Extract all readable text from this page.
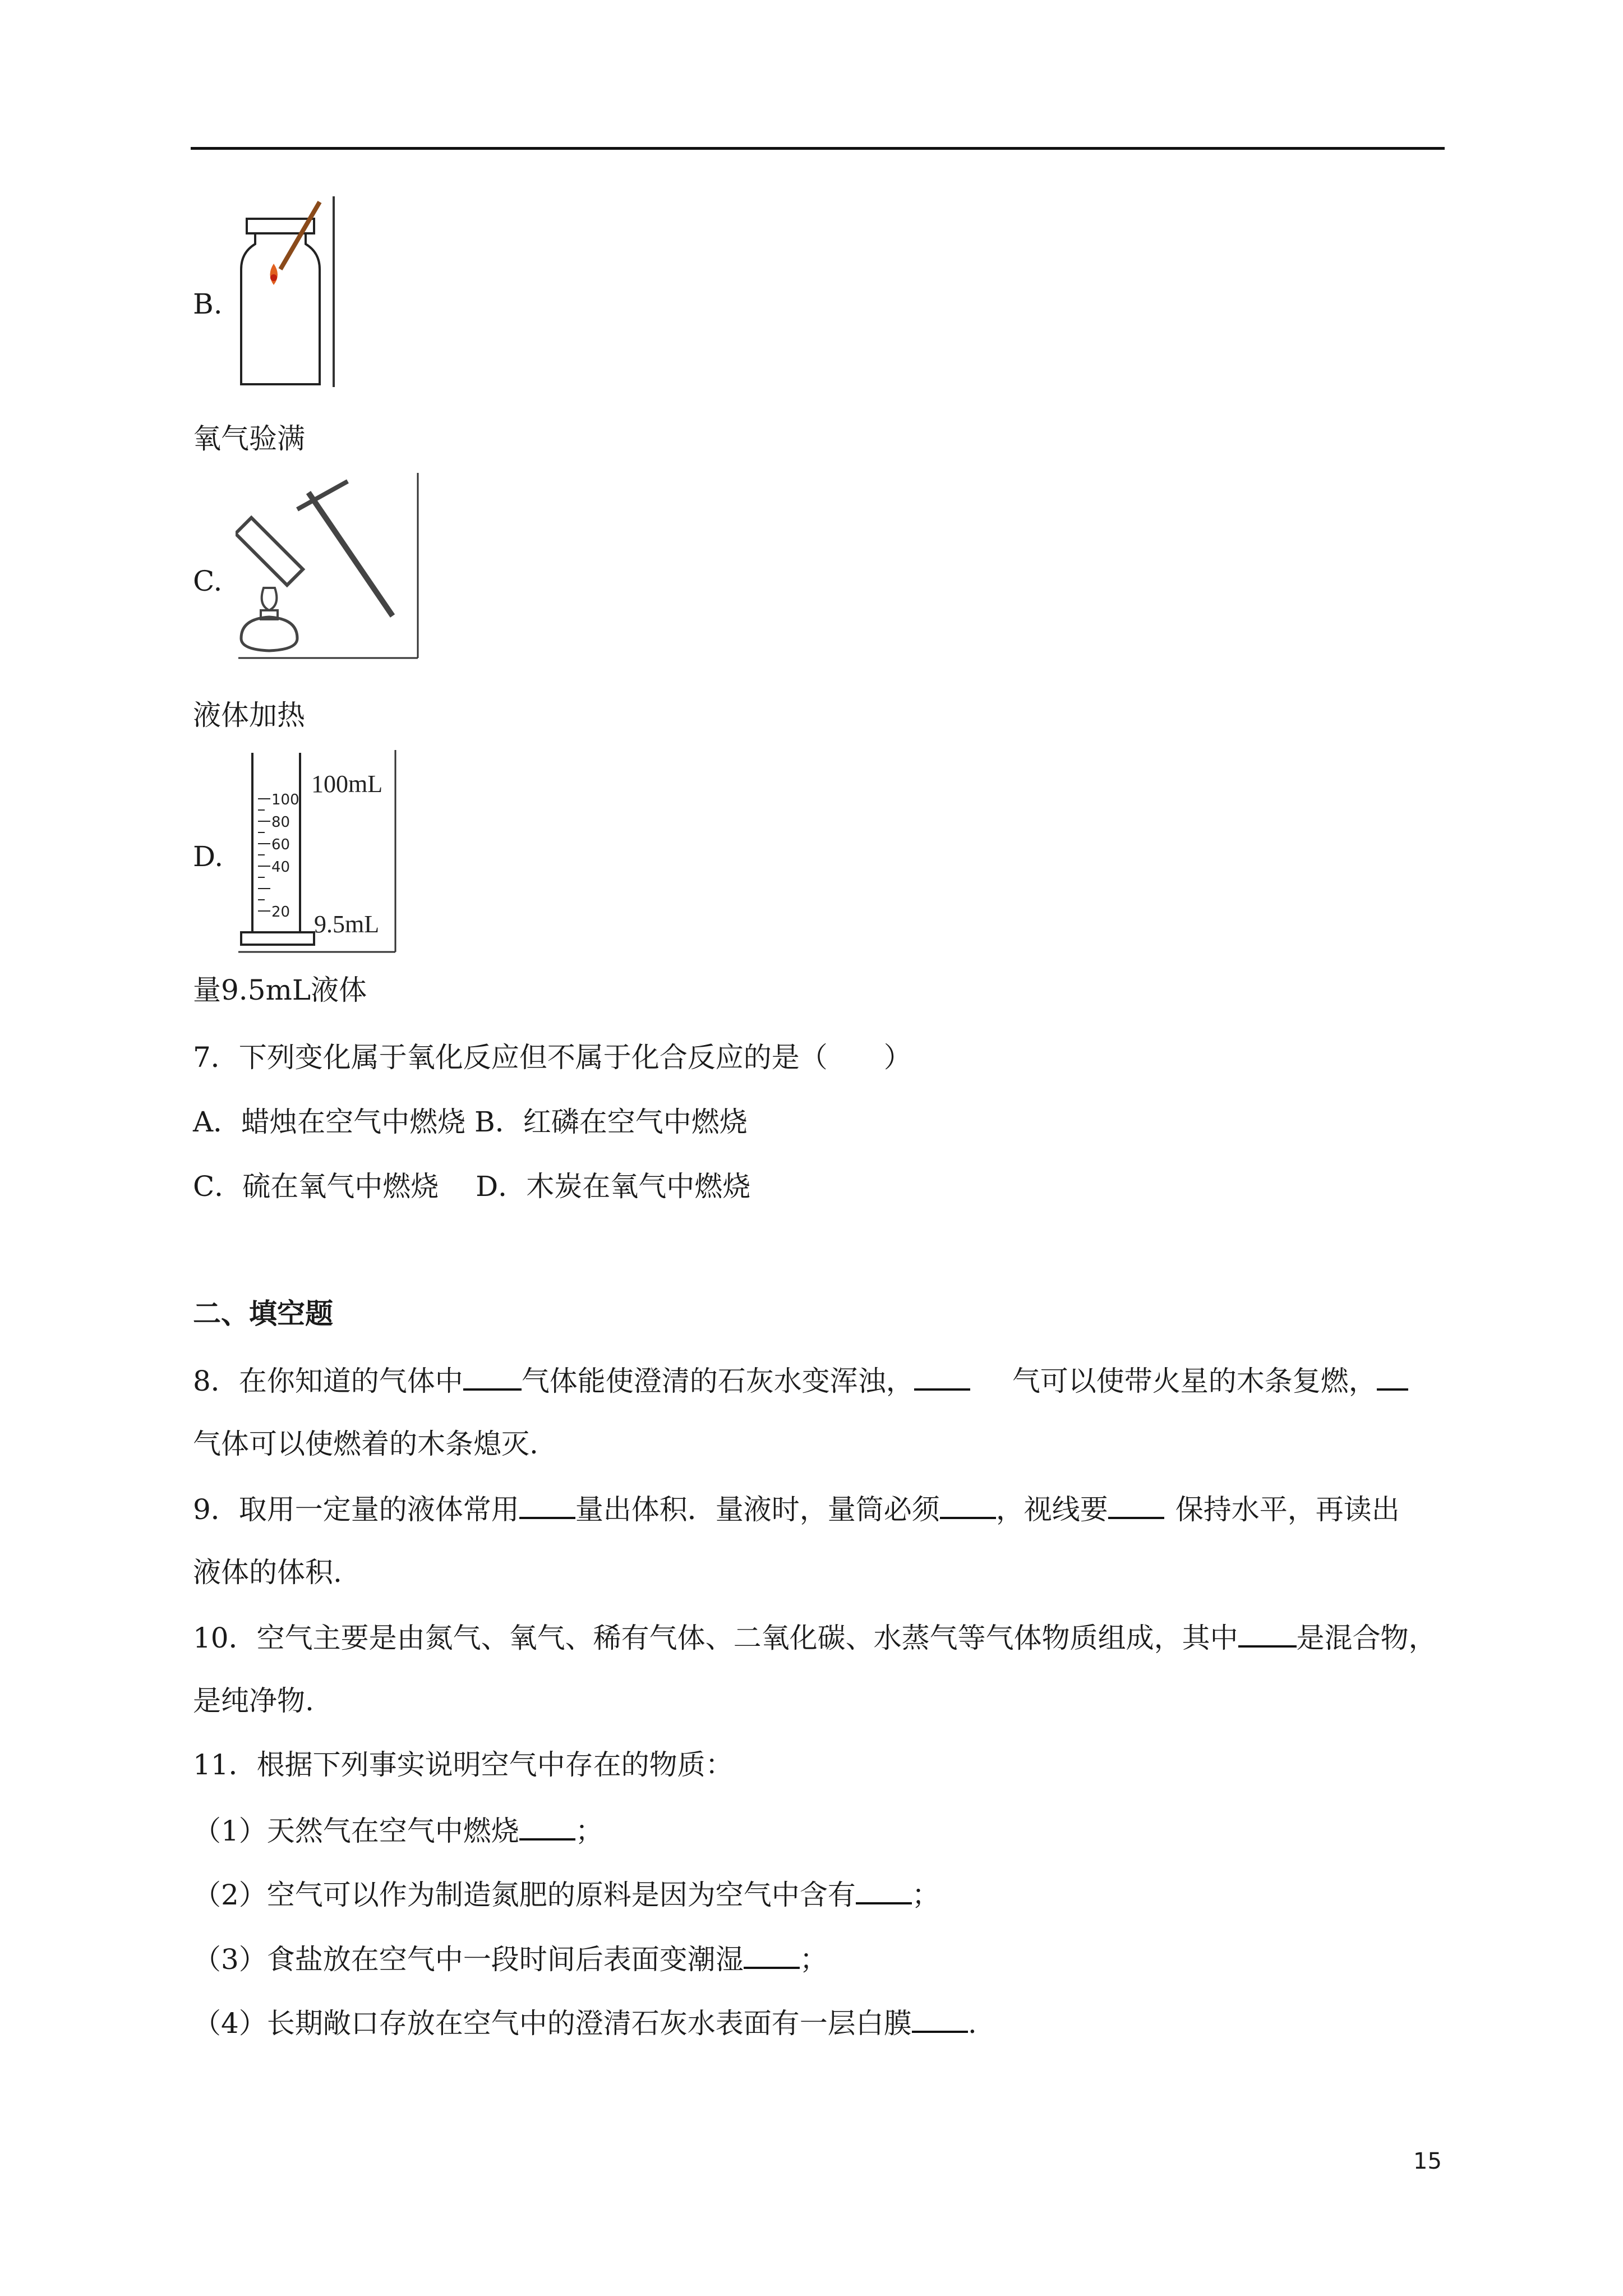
B.
氧气验满
C.
液体加热
D.
100
80
60
40
20
100mL
9.5mL
量9.5mL液体
7．下列变化属于氧化反应但不属于化合反应的是（　　）
A．蜡烛在空气中燃烧 B．红磷在空气中燃烧
C．硫在氧气中燃烧　 D．木炭在氧气中燃烧
二、填空题
8．在你知道的气体中 气体能使澄清的石灰水变浑浊，	气可以使带火星的木条复燃，
气体可以使燃着的木条熄灭.
9．取用一定量的液体常用 量出体积．量液时，量筒必须 ，视线要 保持水平，再读出
液体的体积.
10．空气主要是由氮气、氧气、稀有气体、二氧化碳、水蒸气等气体物质组成，其中 是混合物，
是纯净物.
11．根据下列事实说明空气中存在的物质：
（1）天然气在空气中燃烧 ；
（2）空气可以作为制造氮肥的原料是因为空气中含有 ；
（3）食盐放在空气中一段时间后表面变潮湿 ；
（4）长期敞口存放在空气中的澄清石灰水表面有一层白膜 .
15
